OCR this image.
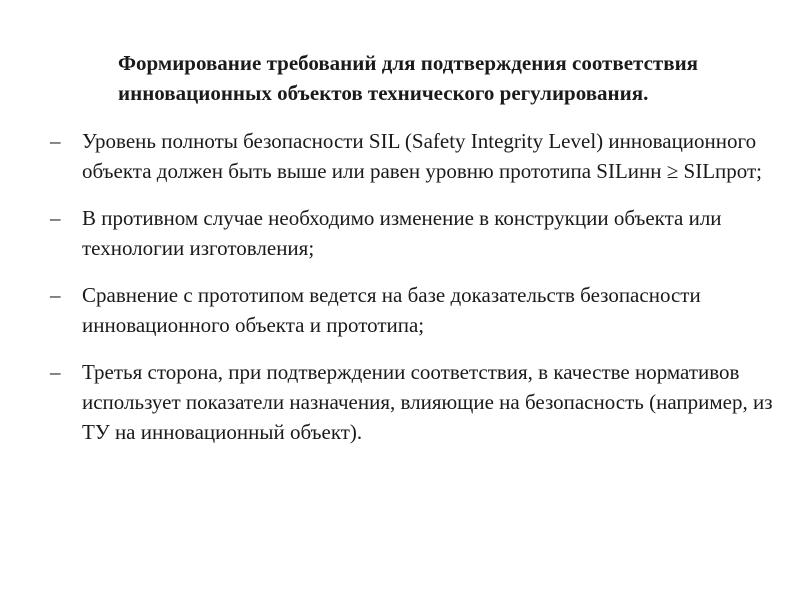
Формирование требований для подтверждения соответствия инновационных объектов технического регулирования.
– Уровень полноты безопасности SIL (Safety Integrity Level) инновационного объекта должен быть выше или равен уровню прототипа SILинн ≥ SILпрот;
– В противном случае необходимо изменение в конструкции объекта или технологии изготовления;
– Сравнение с прототипом ведется на базе доказательств безопасности инновационного объекта и прототипа;
– Третья сторона, при подтверждении соответствия, в качестве нормативов использует показатели назначения, влияющие на безопасность (например, из ТУ на инновационный объект).
